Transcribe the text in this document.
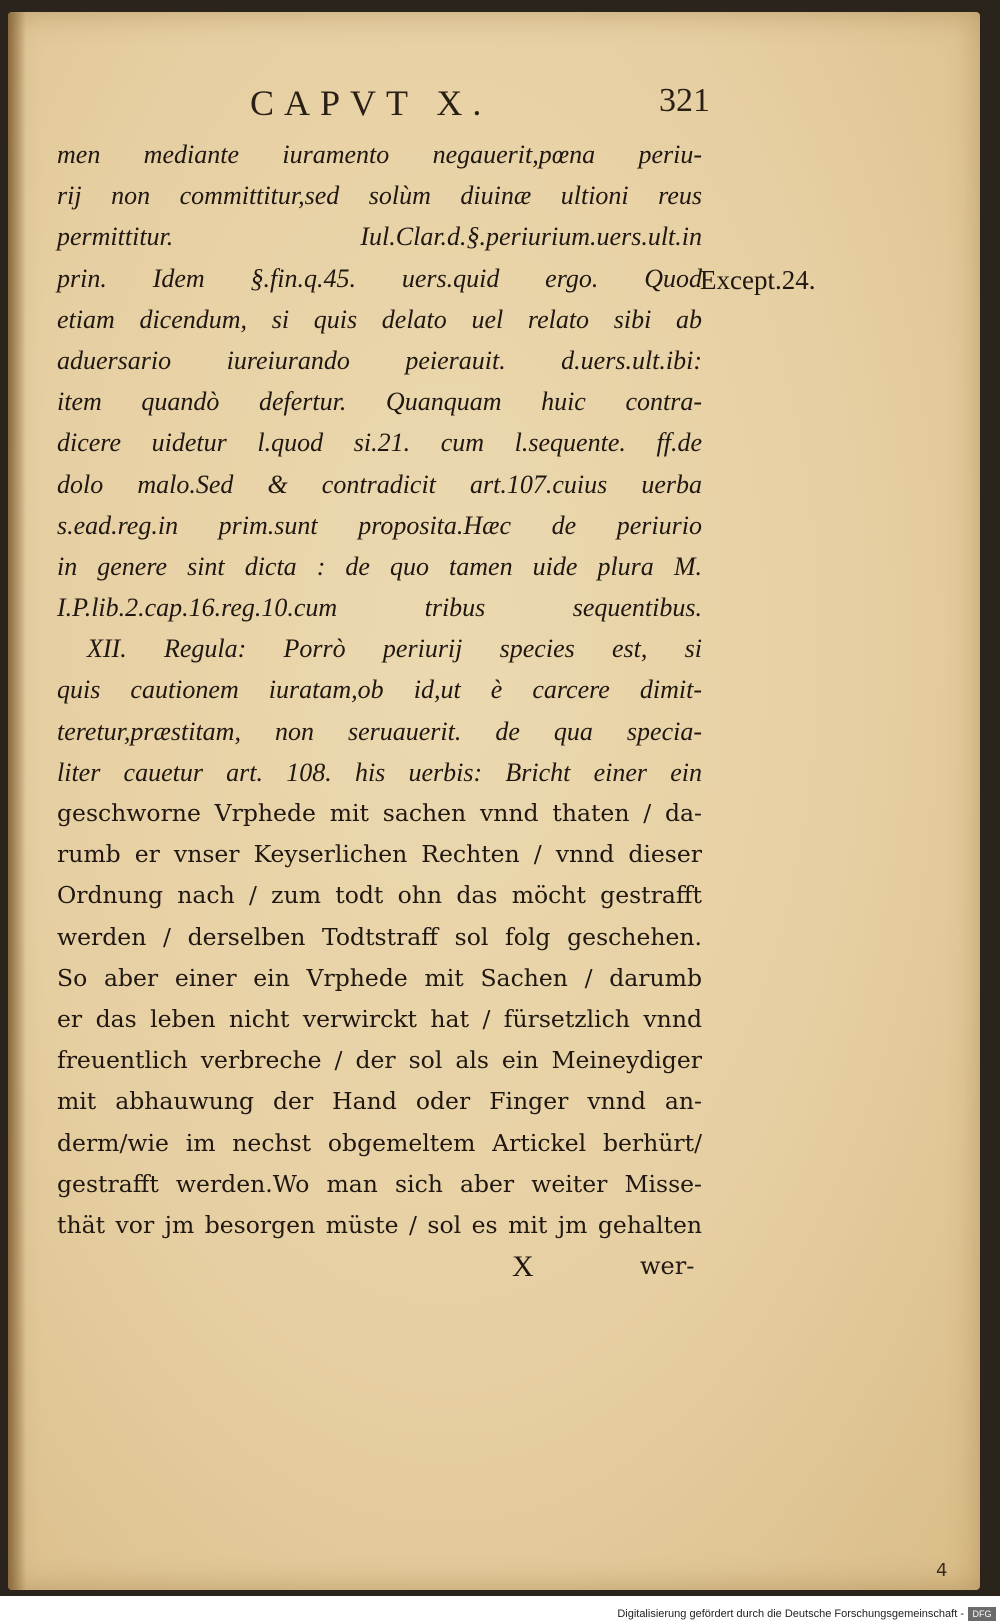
CAPVT X.	321
men mediante iuramento negauerit,pœna periu-
rij non committitur,sed solùm diuinæ ultioni reus
permittitur. Iul.Clar.d.§.periurium.uers.ult.in
prin. Idem §.fin.q.45. uers.quid ergo. Quod
etiam dicendum, si quis delato uel relato sibi ab
aduersario iureiurando peierauit. d.uers.ult.ibi:
item quandò defertur. Quanquam huic contra-
dicere uidetur l.quod si.21. cum l.sequente. ff.de
dolo malo.Sed & contradicit art.107.cuius uerba
s.ead.reg.in prim.sunt proposita.Hæc de periurio
in genere sint dicta : de quo tamen uide plura M.
I.P.lib.2.cap.16.reg.10.cum tribus sequentibus.
XII. Regula: Porrò periurij species est, si
quis cautionem iuratam,ob id,ut è carcere dimit-
teretur,præstitam, non seruauerit. de qua specia-
liter cauetur art. 108. his uerbis: Bricht einer ein
geschworne Vrphede mit sachen vnnd thaten / da-
rumb er vnser Keyserlichen Rechten / vnnd dieser
Ordnung nach / zum todt ohn das möcht gestrafft
werden / derselben Todtstraff sol folg geschehen.
So aber einer ein Vrphede mit Sachen / darumb
er das leben nicht verwirckt hat / fürsetzlich vnnd
freuentlich verbreche / der sol als ein Meineydiger
mit abhauwung der Hand oder Finger vnnd an-
derm/wie im nechst obgemeltem Artickel berhürt/
gestrafft werden.Wo man sich aber weiter Misse-
thät vor jm besorgen müste / sol es mit jm gehalten
Except.24.
X	wer-
4
Digitalisierung gefördert durch die Deutsche Forschungsgemeinschaft - DFG
